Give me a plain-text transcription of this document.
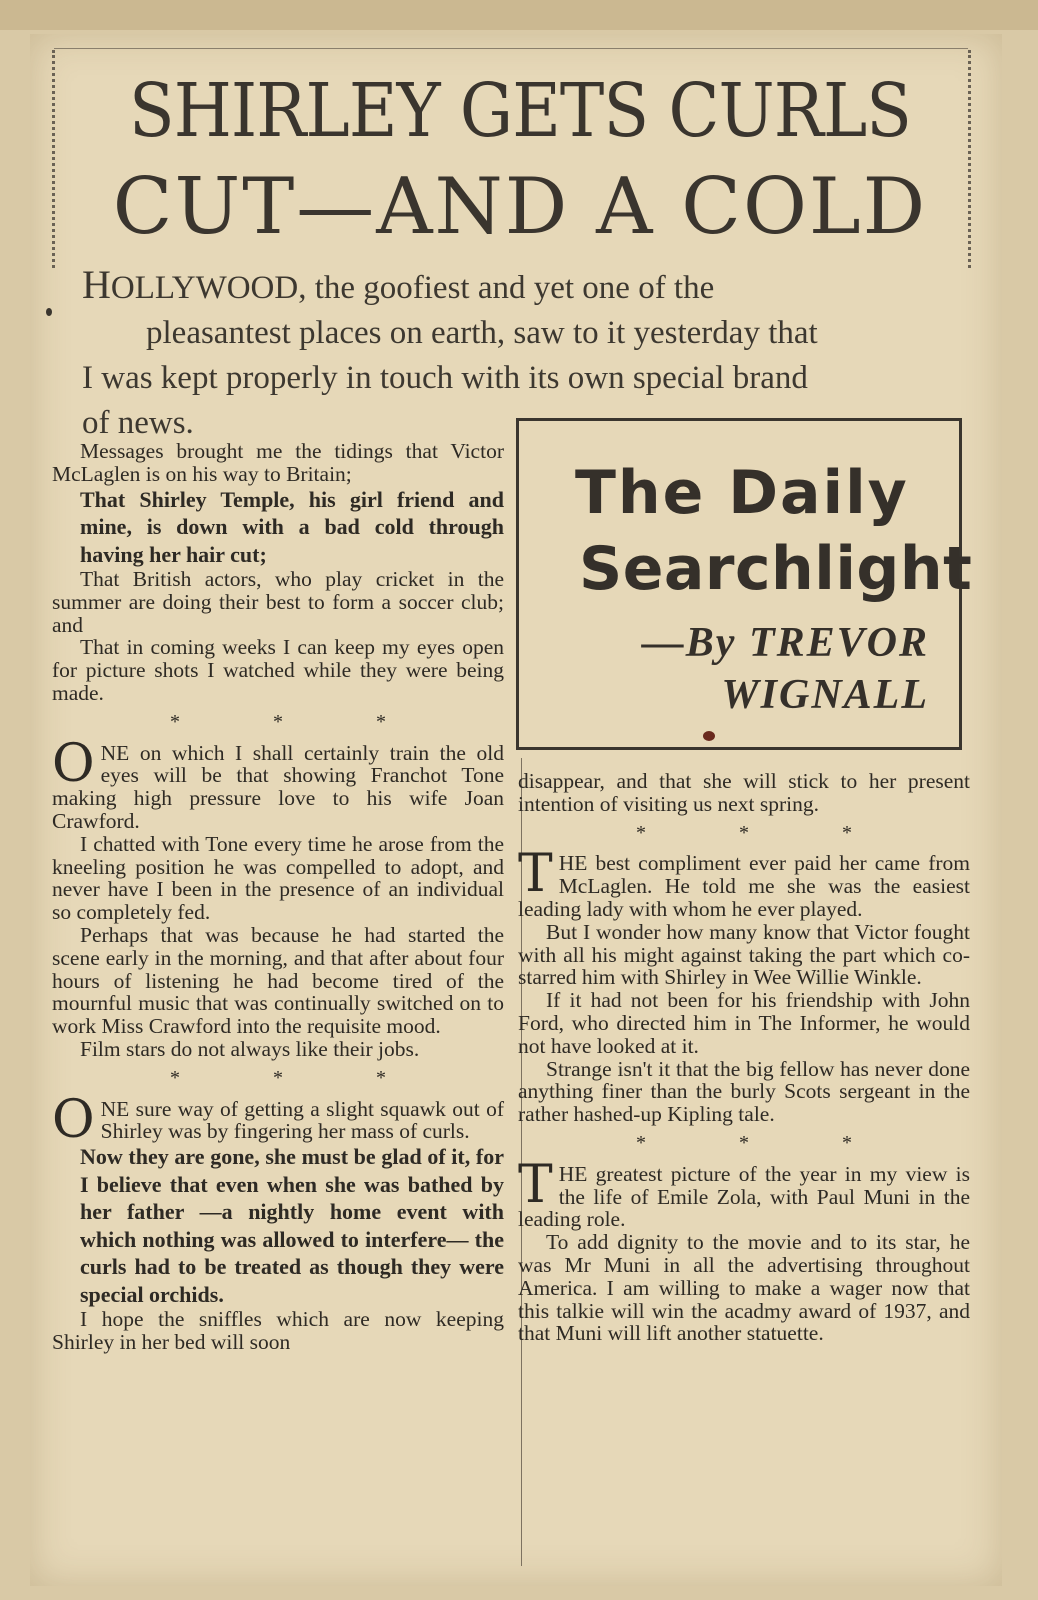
SHIRLEY GETS CURLS
CUT—AND A COLD

HOLLYWOOD, the goofiest and yet one of the

pleasantest places on earth, saw to it yesterday that

I was kept properly in touch with its own special brand

of news.

The Daily
Searchlight
—By TREVOR
WIGNALL

Messages brought me the tidings that Victor McLaglen is on his way to Britain;

That Shirley Temple, his girl friend and mine, is down with a bad cold through having her hair cut;

That British actors, who play cricket in the summer are doing their best to form a soccer club; and

That in coming weeks I can keep my eyes open for picture shots I watched while they were being made.

* * *

ONE on which I shall certainly train the old eyes will be that showing Franchot Tone making high pressure love to his wife Joan Crawford.

I chatted with Tone every time he arose from the kneeling position he was compelled to adopt, and never have I been in the presence of an individual so completely fed.

Perhaps that was because he had started the scene early in the morning, and that after about four hours of listening he had become tired of the mournful music that was continually switched on to work Miss Crawford into the requisite mood.

Film stars do not always like their jobs.

* * *

ONE sure way of getting a slight squawk out of Shirley was by fingering her mass of curls.

Now they are gone, she must be glad of it, for I believe that even when she was bathed by her father —a nightly home event with which nothing was allowed to interfere— the curls had to be treated as though they were special orchids.

I hope the sniffles which are now keeping Shirley in her bed will soon

disappear, and that she will stick to her present intention of visiting us next spring.

* * *

THE best compliment ever paid her came from McLaglen. He told me she was the easiest leading lady with whom he ever played.

But I wonder how many know that Victor fought with all his might against taking the part which co-starred him with Shirley in Wee Willie Winkle.

If it had not been for his friendship with John Ford, who directed him in The Informer, he would not have looked at it.

Strange isn't it that the big fellow has never done anything finer than the burly Scots sergeant in the rather hashed-up Kipling tale.

* * *

THE greatest picture of the year in my view is the life of Emile Zola, with Paul Muni in the leading role.

To add dignity to the movie and to its star, he was Mr Muni in all the advertising throughout America. I am willing to make a wager now that this talkie will win the acadmy award of 1937, and that Muni will lift another statuette.
